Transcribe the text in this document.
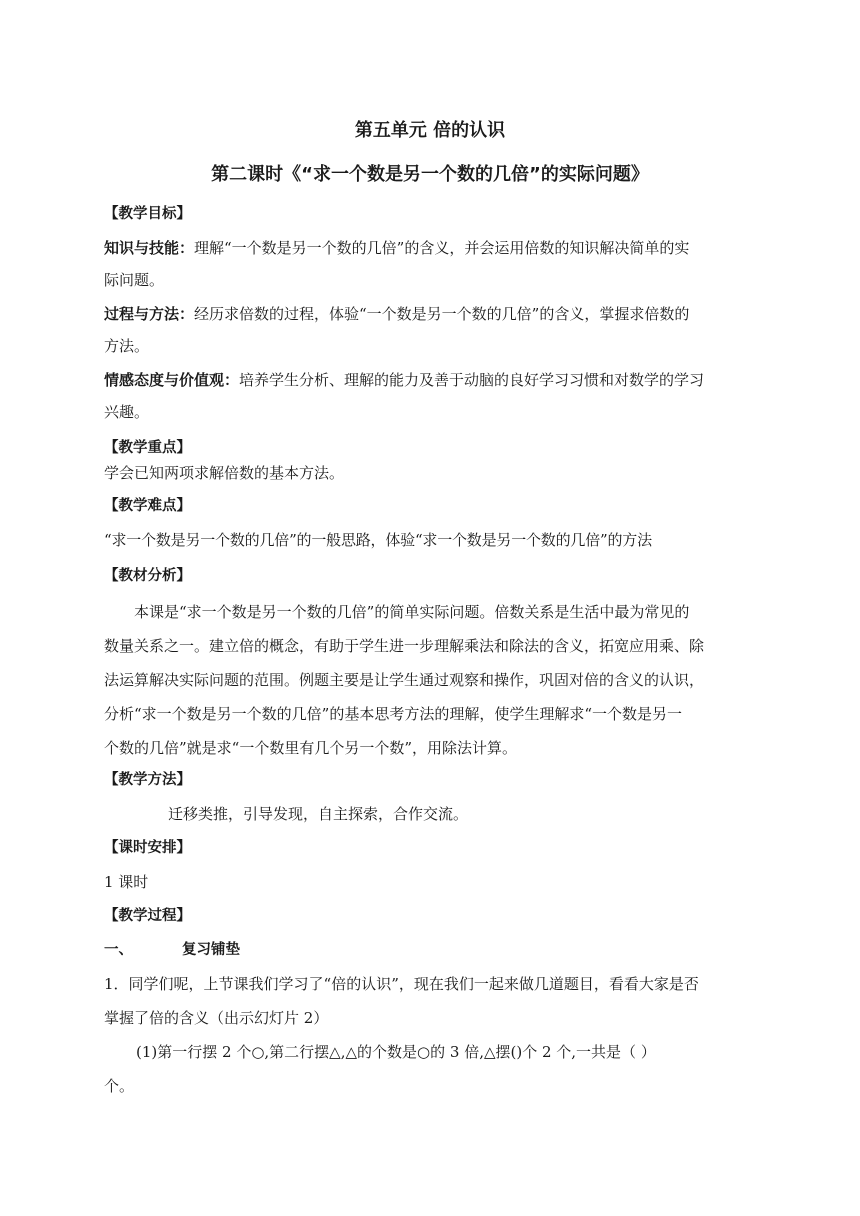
第五单元 倍的认识
第二课时《“求一个数是另一个数的几倍”的实际问题》
【教学目标】
知识与技能：理解“一个数是另一个数的几倍”的含义，并会运用倍数的知识解决简单的实
际问题。
过程与方法：经历求倍数的过程，体验“一个数是另一个数的几倍”的含义，掌握求倍数的
方法。
情感态度与价值观：培养学生分析、理解的能力及善于动脑的良好学习习惯和对数学的学习
兴趣。
【教学重点】
学会已知两项求解倍数的基本方法。
【教学难点】
“求一个数是另一个数的几倍”的一般思路，体验“求一个数是另一个数的几倍”的方法
【教材分析】
本课是“求一个数是另一个数的几倍”的简单实际问题。倍数关系是生活中最为常见的
数量关系之一。建立倍的概念，有助于学生进一步理解乘法和除法的含义，拓宽应用乘、除
法运算解决实际问题的范围。例题主要是让学生通过观察和操作，巩固对倍的含义的认识，
分析“求一个数是另一个数的几倍”的基本思考方法的理解，使学生理解求“一个数是另一
个数的几倍”就是求“一个数里有几个另一个数”，用除法计算。
【教学方法】
迁移类推，引导发现，自主探索，合作交流。
【课时安排】
1 课时
【教学过程】
一、	复习铺垫
1．同学们呢，上节课我们学习了“倍的认识”，现在我们一起来做几道题目，看看大家是否
掌握了倍的含义（出示幻灯片 2）
(1)第一行摆 2 个○,第二行摆△,△的个数是○的 3 倍,△摆()个 2 个,一共是（ ）
个。
